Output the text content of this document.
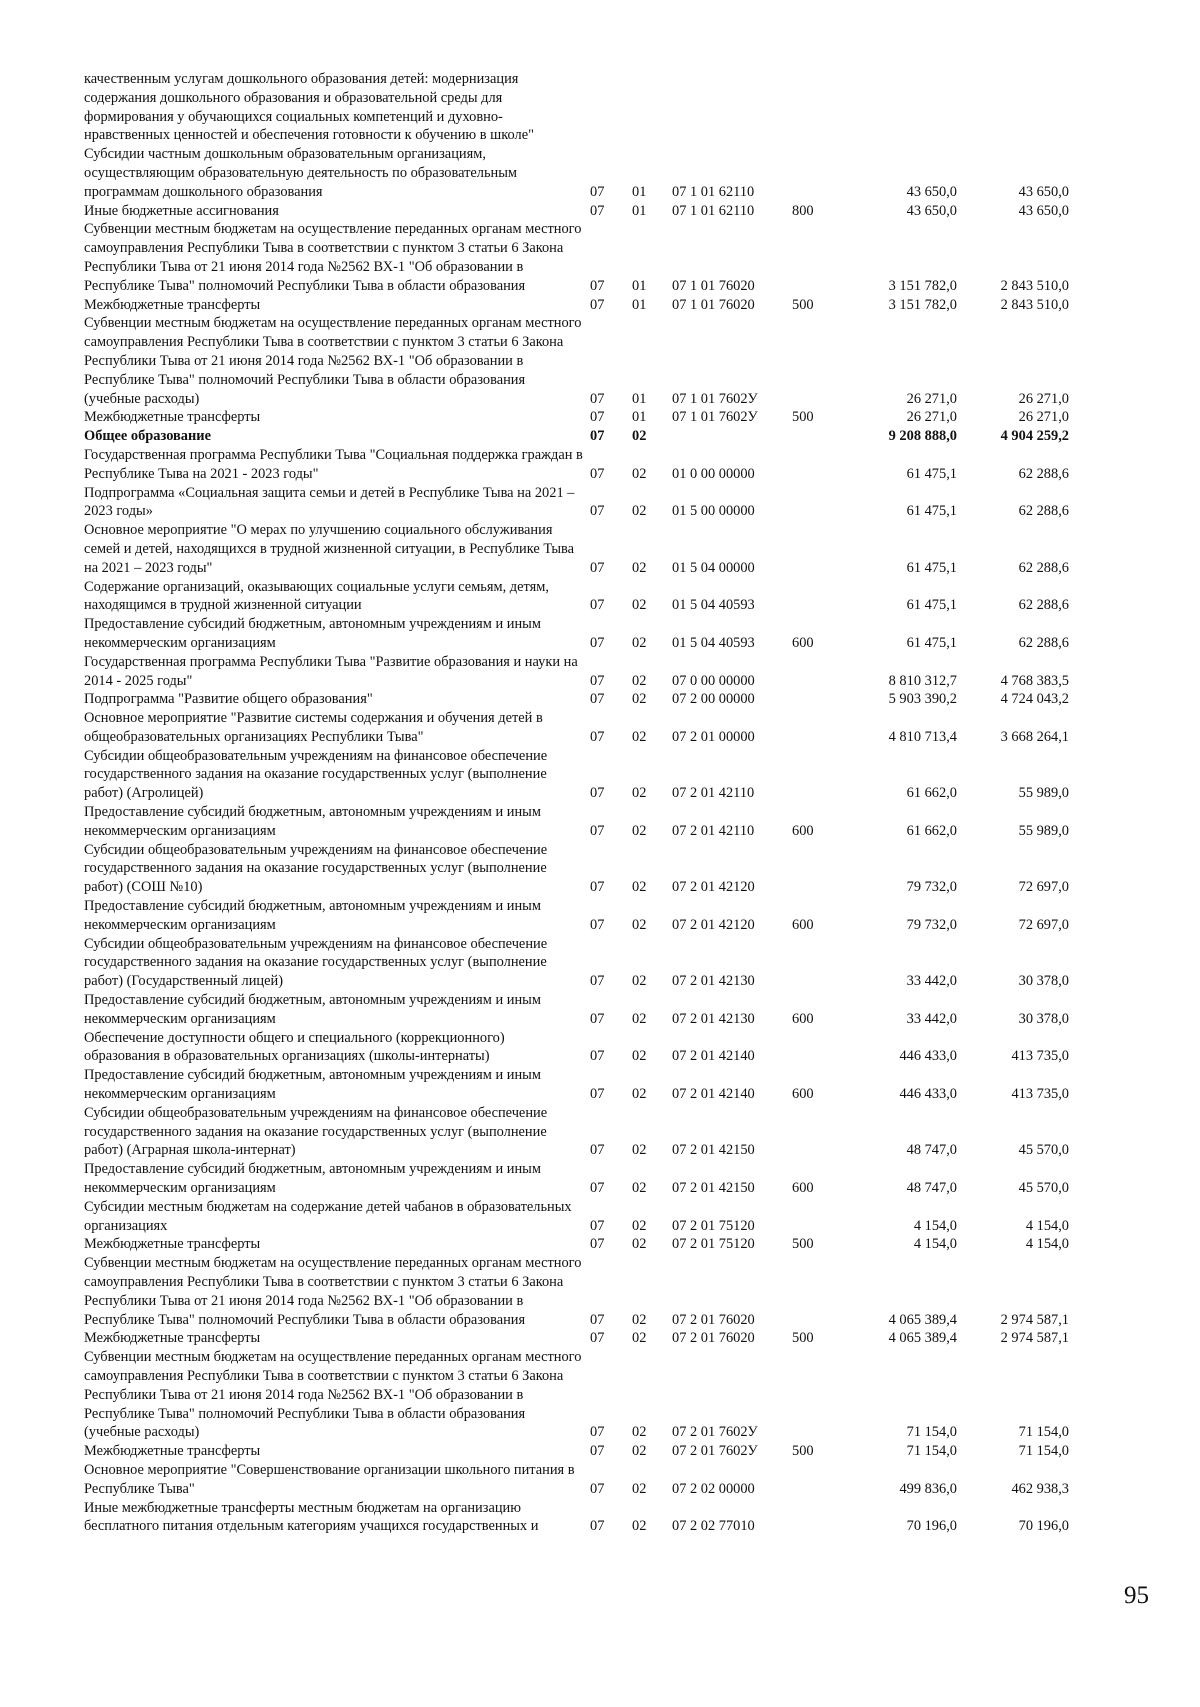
качественным услугам дошкольного образования детей: модернизация содержания дошкольного образования и образовательной среды для формирования у обучающихся социальных компетенций и духовно-нравственных ценностей и обеспечения готовности к обучению в школе"						
Субсидии частным дошкольным образовательным организациям, осуществляющим образовательную деятельность по образовательным программам дошкольного образования	07	01	07 1 01 62110		43 650,0	43 650,0
Иные бюджетные ассигнования	07	01	07 1 01 62110	800	43 650,0	43 650,0
Субвенции местным бюджетам на осуществление переданных органам местного самоуправления Республики Тыва в соответствии с пунктом 3 статьи 6 Закона Республики Тыва от 21 июня 2014 года №2562 ВХ-1 "Об образовании в Республике Тыва" полномочий Республики Тыва в области образования	07	01	07 1 01 76020		3 151 782,0	2 843 510,0
Межбюджетные трансферты	07	01	07 1 01 76020	500	3 151 782,0	2 843 510,0
Субвенции местным бюджетам на осуществление переданных органам местного самоуправления Республики Тыва в соответствии с пунктом 3 статьи 6 Закона Республики Тыва от 21 июня 2014 года №2562 ВХ-1 "Об образовании в Республике Тыва" полномочий Республики Тыва в области образования (учебные расходы)	07	01	07 1 01 7602У		26 271,0	26 271,0
Межбюджетные трансферты	07	01	07 1 01 7602У	500	26 271,0	26 271,0
Общее образование	07	02			9 208 888,0	4 904 259,2
Государственная программа Республики Тыва "Социальная поддержка граждан в Республике Тыва на 2021 - 2023 годы"	07	02	01 0 00 00000		61 475,1	62 288,6
Подпрограмма «Социальная защита семьи и детей в Республике Тыва на 2021 – 2023 годы»	07	02	01 5 00 00000		61 475,1	62 288,6
Основное мероприятие "О мерах по улучшению социального обслуживания семей и детей, находящихся в трудной жизненной ситуации, в Республике Тыва на 2021 – 2023 годы"	07	02	01 5 04 00000		61 475,1	62 288,6
Содержание организаций, оказывающих социальные услуги семьям, детям, находящимся в трудной жизненной ситуации	07	02	01 5 04 40593		61 475,1	62 288,6
Предоставление субсидий бюджетным, автономным учреждениям и иным некоммерческим организациям	07	02	01 5 04 40593	600	61 475,1	62 288,6
Государственная программа Республики Тыва "Развитие образования и науки на 2014 - 2025 годы"	07	02	07 0 00 00000		8 810 312,7	4 768 383,5
Подпрограмма "Развитие общего образования"	07	02	07 2 00 00000		5 903 390,2	4 724 043,2
Основное мероприятие "Развитие системы содержания и обучения детей в общеобразовательных организациях Республики Тыва"	07	02	07 2 01 00000		4 810 713,4	3 668 264,1
Субсидии общеобразовательным учреждениям на финансовое обеспечение государственного задания на оказание государственных услуг (выполнение работ) (Агролицей)	07	02	07 2 01 42110		61 662,0	55 989,0
Предоставление субсидий бюджетным, автономным учреждениям и иным некоммерческим организациям	07	02	07 2 01 42110	600	61 662,0	55 989,0
Субсидии общеобразовательным учреждениям на финансовое обеспечение государственного задания на оказание государственных услуг (выполнение работ) (СОШ №10)	07	02	07 2 01 42120		79 732,0	72 697,0
Предоставление субсидий бюджетным, автономным учреждениям и иным некоммерческим организациям	07	02	07 2 01 42120	600	79 732,0	72 697,0
Субсидии общеобразовательным учреждениям на финансовое обеспечение государственного задания на оказание государственных услуг (выполнение работ) (Государственный лицей)	07	02	07 2 01 42130		33 442,0	30 378,0
Предоставление субсидий бюджетным, автономным учреждениям и иным некоммерческим организациям	07	02	07 2 01 42130	600	33 442,0	30 378,0
Обеспечение доступности общего и специального (коррекционного) образования в образовательных организациях (школы-интернаты)	07	02	07 2 01 42140		446 433,0	413 735,0
Предоставление субсидий бюджетным, автономным учреждениям и иным некоммерческим организациям	07	02	07 2 01 42140	600	446 433,0	413 735,0
Субсидии общеобразовательным учреждениям на финансовое обеспечение государственного задания на оказание государственных услуг (выполнение работ) (Аграрная школа-интернат)	07	02	07 2 01 42150		48 747,0	45 570,0
Предоставление субсидий бюджетным, автономным учреждениям и иным некоммерческим организациям	07	02	07 2 01 42150	600	48 747,0	45 570,0
Субсидии местным бюджетам на содержание детей чабанов в образовательных организациях	07	02	07 2 01 75120		4 154,0	4 154,0
Межбюджетные трансферты	07	02	07 2 01 75120	500	4 154,0	4 154,0
Субвенции местным бюджетам на осуществление переданных органам местного самоуправления Республики Тыва в соответствии с пунктом 3 статьи 6 Закона Республики Тыва от 21 июня 2014 года №2562 ВХ-1 "Об образовании в Республике Тыва" полномочий Республики Тыва в области образования	07	02	07 2 01 76020		4 065 389,4	2 974 587,1
Межбюджетные трансферты	07	02	07 2 01 76020	500	4 065 389,4	2 974 587,1
Субвенции местным бюджетам на осуществление переданных органам местного самоуправления Республики Тыва в соответствии с пунктом 3 статьи 6 Закона Республики Тыва от 21 июня 2014 года №2562 ВХ-1 "Об образовании в Республике Тыва" полномочий Республики Тыва в области образования (учебные расходы)	07	02	07 2 01 7602У		71 154,0	71 154,0
Межбюджетные трансферты	07	02	07 2 01 7602У	500	71 154,0	71 154,0
Основное мероприятие "Совершенствование организации школьного питания в Республике Тыва"	07	02	07 2 02 00000		499 836,0	462 938,3
Иные межбюджетные трансферты местным бюджетам на организацию бесплатного питания отдельным категориям учащихся государственных и	07	02	07 2 02 77010		70 196,0	70 196,0
95
